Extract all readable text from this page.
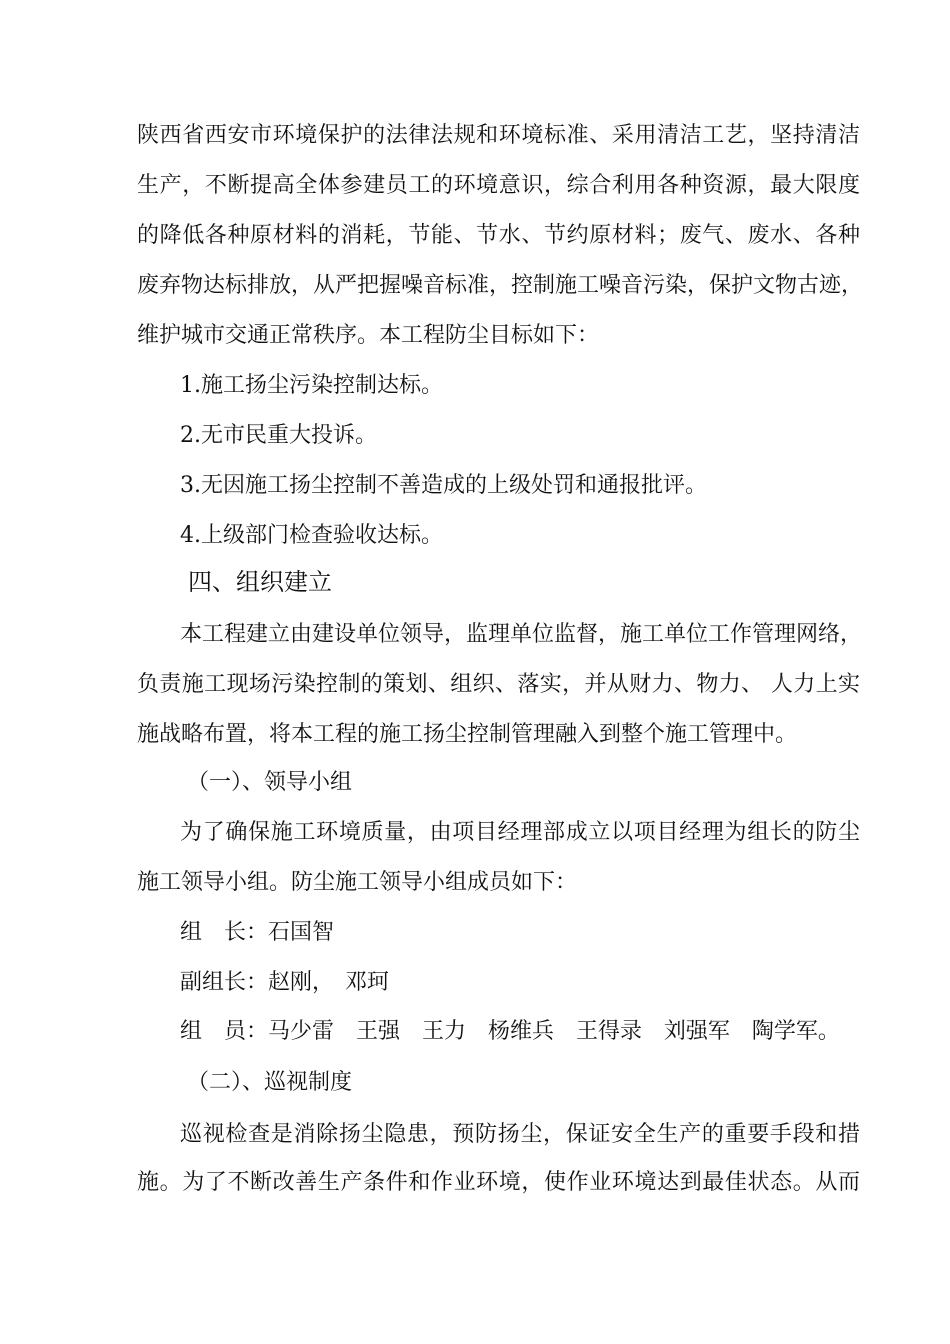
陕西省西安市环境保护的法律法规和环境标准、采用清洁工艺，坚持清洁
生产，不断提高全体参建员工的环境意识，综合利用各种资源，最大限度
的降低各种原材料的消耗，节能、节水、节约原材料；废气、废水、各种
废弃物达标排放，从严把握噪音标准，控制施工噪音污染，保护文物古迹，
维护城市交通正常秩序。本工程防尘目标如下：
1.施工扬尘污染控制达标。
2.无市民重大投诉。
3.无因施工扬尘控制不善造成的上级处罚和通报批评。
4.上级部门检查验收达标。
四、组织建立
本工程建立由建设单位领导，监理单位监督，施工单位工作管理网络，
负责施工现场污染控制的策划、组织、落实，并从财力、物力、 人力上实
施战略布置，将本工程的施工扬尘控制管理融入到整个施工管理中。
（一）、领导小组
为了确保施工环境质量，由项目经理部成立以项目经理为组长的防尘
施工领导小组。防尘施工领导小组成员如下：
组　长：石国智
副组长：赵刚，　邓珂
组　员：马少雷 王强 王力 杨维兵 王得录 刘强军 陶学军。
（二）、巡视制度
巡视检查是消除扬尘隐患，预防扬尘，保证安全生产的重要手段和措
施。为了不断改善生产条件和作业环境，使作业环境达到最佳状态。从而
